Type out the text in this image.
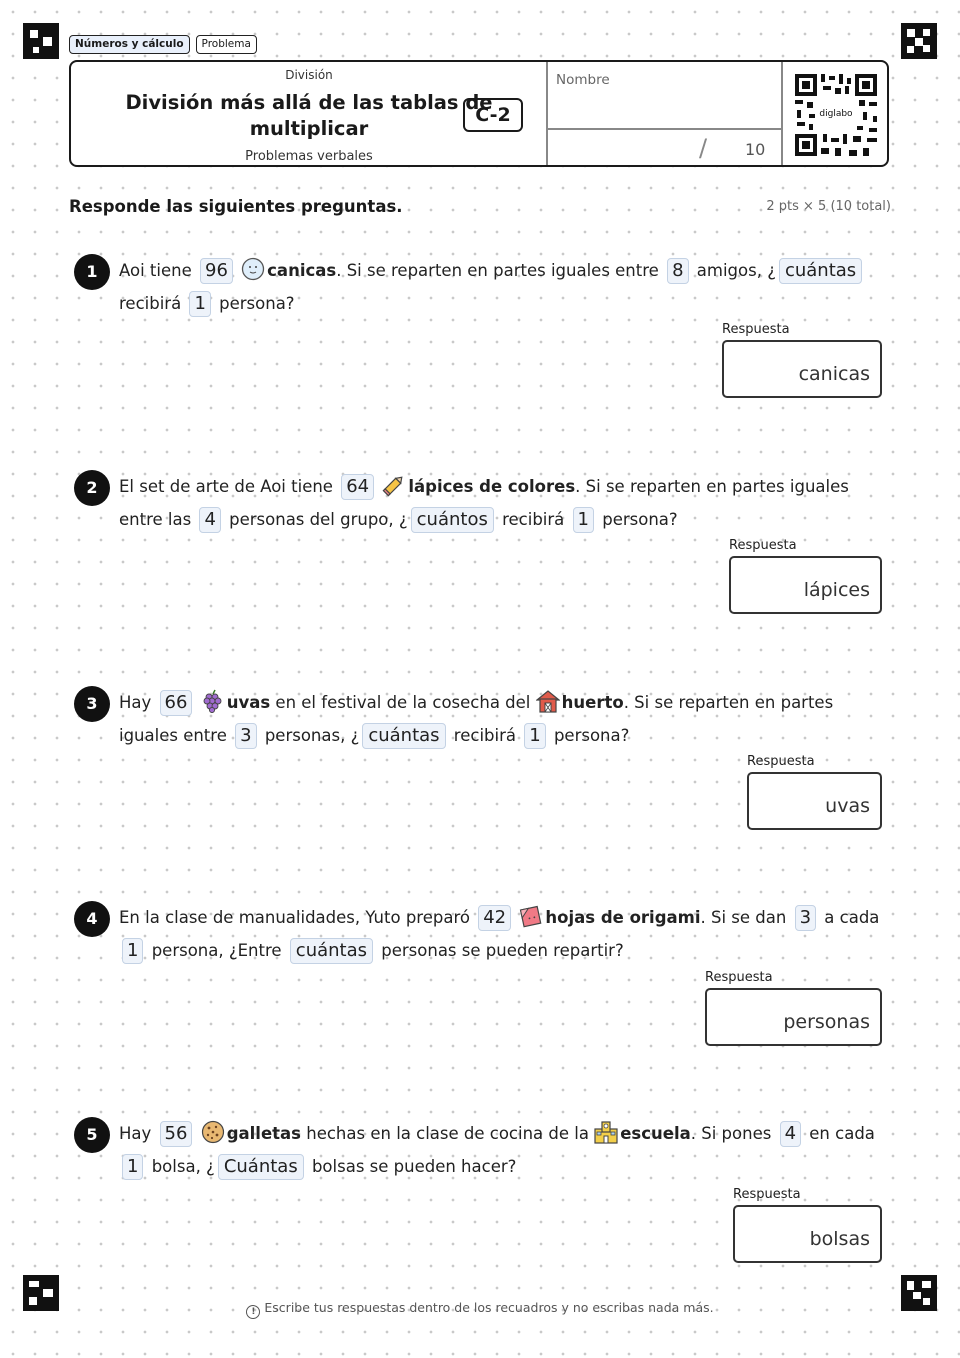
Números y cálculo	Problema
División
División más allá de las tablas de multiplicar
Problemas verbales
C-2
Nombre
/ 10
diglabo
Responde las siguientes preguntas.	2 pts × 5 (10 total)
1	Aoi tiene 96 canicas. Si se reparten en partes iguales entre 8 amigos, ¿ cuántas recibirá 1 persona?
Respuesta
canicas
2	El set de arte de Aoi tiene 64 lápices de colores. Si se reparten en partes iguales entre las 4 personas del grupo, ¿ cuántos recibirá 1 persona?
Respuesta
lápices
3	Hay 66 uvas en el festival de la cosecha del huerto. Si se reparten en partes iguales entre 3 personas, ¿ cuántas recibirá 1 persona?
Respuesta
uvas
4	En la clase de manualidades, Yuto preparó 42 hojas de origami. Si se dan 3 a cada 1 persona, ¿Entre cuántas personas se pueden repartir?
Respuesta
personas
5	Hay 56 galletas hechas en la clase de cocina de la escuela. Si pones 4 en cada 1 bolsa, ¿ Cuántas bolsas se pueden hacer?
Respuesta
bolsas
! Escribe tus respuestas dentro de los recuadros y no escribas nada más.
